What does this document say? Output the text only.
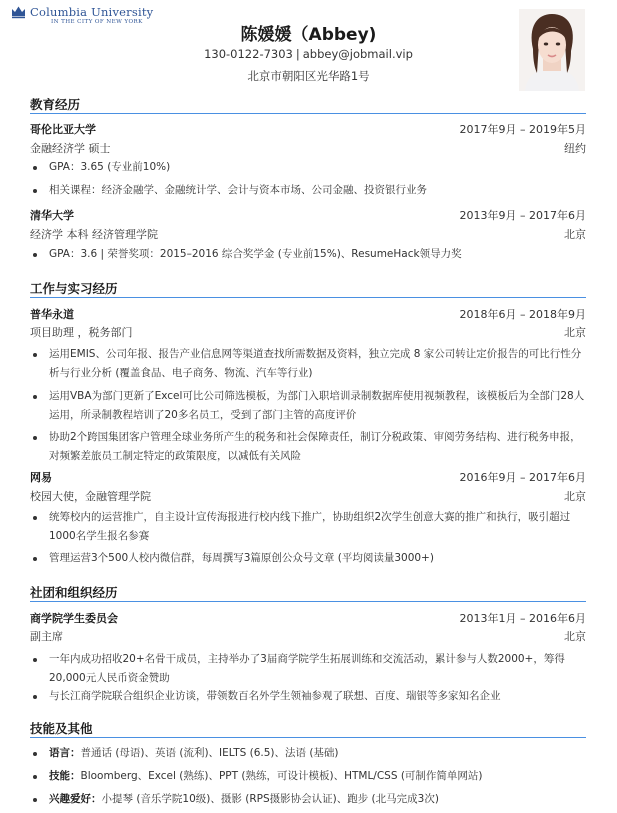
Columbia University
IN THE CITY OF NEW YORK
陈媛媛（Abbey)
130-0122-7303 | abbey@jobmail.vip
北京市朝阳区光华路1号
教育经历
哥伦比亚大学	2017年9月 – 2019年5月
金融经济学 硕士	纽约
GPA：3.65 (专业前10%)
相关课程：经济金融学、金融统计学、会计与资本市场、公司金融、投资银行业务
清华大学	2013年9月 – 2017年6月
经济学 本科 经济管理学院	北京
GPA：3.6 | 荣誉奖项：2015–2016 综合奖学金 (专业前15%)、ResumeHack领导力奖
工作与实习经历
普华永道	2018年6月 – 2018年9月
项目助理 ，税务部门	北京
运用EMIS、公司年报、报告产业信息网等渠道查找所需数据及资料，独立完成 8 家公司转让定价报告的可比行性分析与行业分析 (覆盖食品、电子商务、物流、汽车等行业)
运用VBA为部门更新了Excel可比公司筛选模板，为部门入职培训录制数据库使用视频教程，该模板后为全部门28人运用，所录制教程培训了20多名员工，受到了部门主管的高度评价
协助2个跨国集团客户管理全球业务所产生的税务和社会保障责任，制订分税政策、审阅劳务结构、进行税务申报，对频繁差旅员工制定特定的政策限度，以减低有关风险
网易	2016年9月 – 2017年6月
校园大使，金融管理学院	北京
统筹校内的运营推广，自主设计宣传海报进行校内线下推广，协助组织2次学生创意大赛的推广和执行，吸引超过1000名学生报名参赛
管理运营3个500人校内微信群，每周撰写3篇原创公众号文章 (平均阅读量3000+)
社团和组织经历
商学院学生委员会	2013年1月 – 2016年6月
副主席	北京
一年内成功招收20+名骨干成员，主持举办了3届商学院学生拓展训练和交流活动，累计参与人数2000+，筹得20,000元人民币资金赞助
与长江商学院联合组织企业访谈，带领数百名外学生领袖参观了联想、百度、瑞银等多家知名企业
技能及其他
语言：普通话 (母语)、英语 (流利)、IELTS (6.5)、法语 (基础)
技能：Bloomberg、Excel (熟练)、PPT (熟练，可设计模板)、HTML/CSS (可制作简单网站)
兴趣爱好：小提琴 (音乐学院10级)、摄影 (RPS摄影协会认证)、跑步 (北马完成3次)
